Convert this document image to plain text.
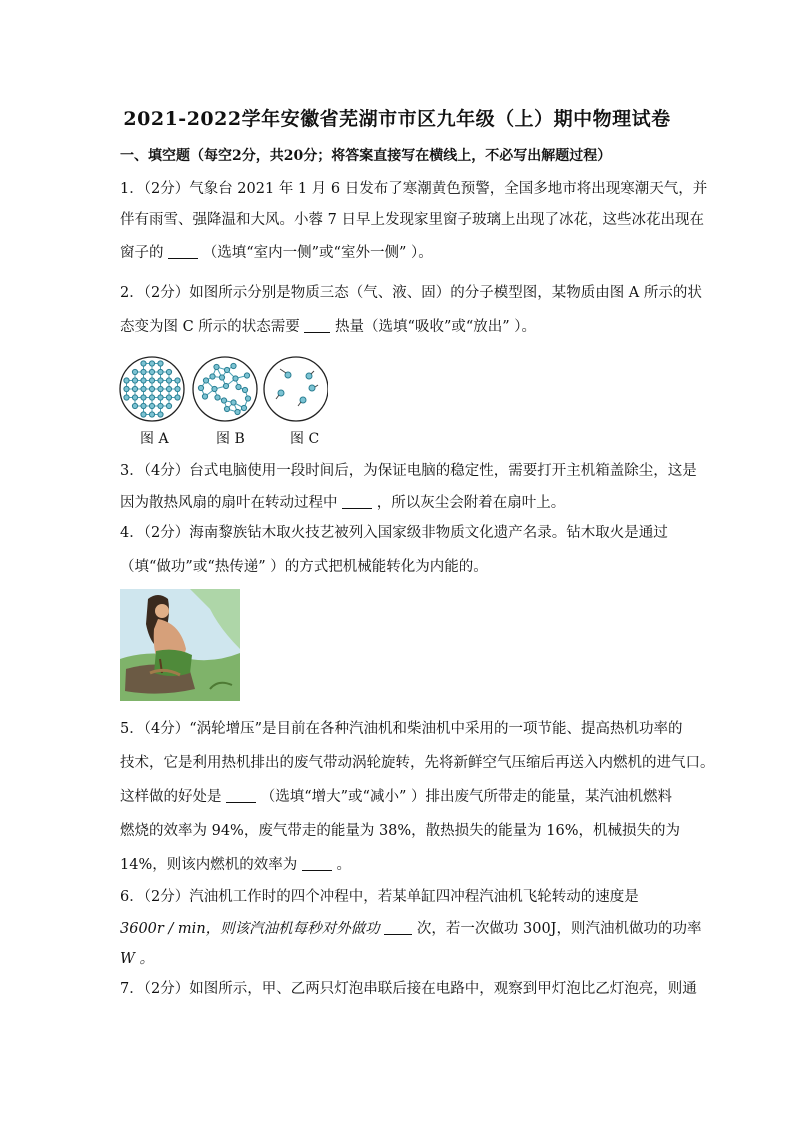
2021-2022学年安徽省芜湖市市区九年级（上）期中物理试卷
一、填空题（每空2分，共20分；将答案直接写在横线上，不必写出解题过程）
1．（2分）气象台 2021 年 1 月 6 日发布了寒潮黄色预警，全国多地市将出现寒潮天气，并
伴有雨雪、强降温和大风。小蓉 7 日早上发现家里窗子玻璃上出现了冰花，这些冰花出现在
窗子的	（选填“室内一侧”或“室外一侧” ）。
2．（2分）如图所示分别是物质三态（气、液、固）的分子模型图，某物质由图 A 所示的状
态变为图 C 所示的状态需要 热量（选填“吸收”或“放出” ）。
图 A	图 B	图 C
3．（4分）台式电脑使用一段时间后，为保证电脑的稳定性，需要打开主机箱盖除尘，这是
因为散热风扇的扇叶在转动过程中	，所以灰尘会附着在扇叶上。
4．（2分）海南黎族钻木取火技艺被列入国家级非物质文化遗产名录。钻木取火是通过
（填“做功”或“热传递” ）的方式把机械能转化为内能的。
5．（4分）“涡轮增压”是目前在各种汽油机和柴油机中采用的一项节能、提高热机功率的
技术，它是利用热机排出的废气带动涡轮旋转，先将新鲜空气压缩后再送入内燃机的进气口。
这样做的好处是	（选填“增大”或“减小” ）排出废气所带走的能量，某汽油机燃料
燃烧的效率为 94%，废气带走的能量为 38%，散热损失的能量为 16%，机械损失的为
14%，则该内燃机的效率为	。
6．（2分）汽油机工作时的四个冲程中，若某单缸四冲程汽油机飞轮转动的速度是
3600r / min，则该汽油机每秒对外做功	次，若一次做功 300J，则汽油机做功的功率
W 。
7．（2分）如图所示，甲、乙两只灯泡串联后接在电路中，观察到甲灯泡比乙灯泡亮，则通
